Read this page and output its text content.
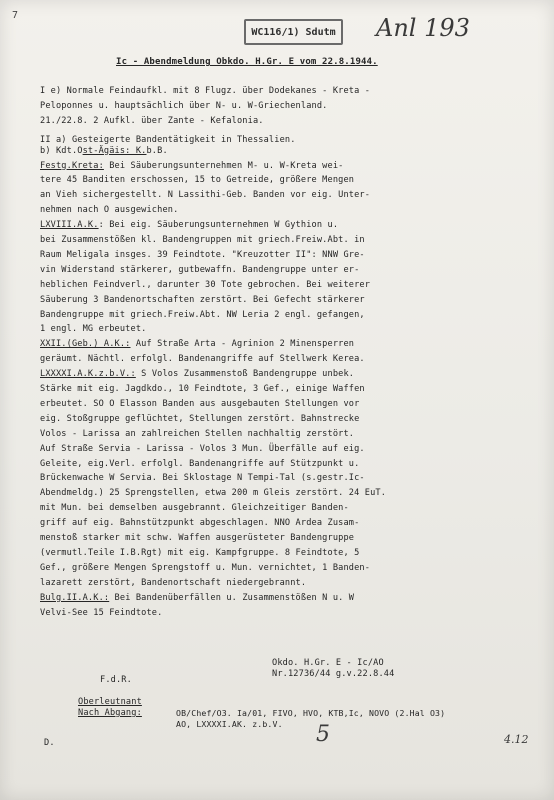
7
WC116/1) Sdutm	Anl 193
Ic - Abendmeldung Obkdo. H.Gr. E vom 22.8.1944.
I e) Normale Feindaufkl. mit 8 Flugz. über Dodekanes - Kreta -
Peloponnes u. hauptsächlich über N- u. W-Griechenland.
21./22.8. 2 Aufkl. über Zante - Kefalonia.
II a) Gesteigerte Bandentätigkeit in Thessalien.
b) Kdt.Ost-Ägäis: K.b.B.
Festg.Kreta: Bei Säuberungsunternehmen M- u. W-Kreta wei-
tere 45 Banditen erschossen, 15 to Getreide, größere Mengen
an Vieh sichergestellt. N Lassithi-Geb. Banden vor eig. Unter-
nehmen nach O ausgewichen.
LXVIII.A.K.: Bei eig. Säuberungsunternehmen W Gythion u.
bei Zusammenstößen kl. Bandengruppen mit griech.Freiw.Abt. in
Raum Meligala insges. 39 Feindtote. "Kreuzotter II": NNW Gre-
vin Widerstand stärkerer, gutbewaffn. Bandengruppe unter er-
heblichen Feindverl., darunter 30 Tote gebrochen. Bei weiterer
Säuberung 3 Bandenortschaften zerstört. Bei Gefecht stärkerer
Bandengruppe mit griech.Freiw.Abt. NW Leria 2 engl. gefangen,
1 engl. MG erbeutet.
XXII.(Geb.) A.K.: Auf Straße Arta - Agrinion 2 Minensperren
geräumt. Nächtl. erfolgl. Bandenangriffe auf Stellwerk Kerea.
LXXXXI.A.K.z.b.V.: S Volos Zusammenstoß Bandengruppe unbek.
Stärke mit eig. Jagdkdo., 10 Feindtote, 3 Gef., einige Waffen
erbeutet. SO O Elasson Banden aus ausgebauten Stellungen vor
eig. Stoßgruppe geflüchtet, Stellungen zerstört. Bahnstrecke
Volos - Larissa an zahlreichen Stellen nachhaltig zerstört.
Auf Straße Servia - Larissa - Volos 3 Mun. Überfälle auf eig.
Geleite, eig.Verl. erfolgl. Bandenangriffe auf Stützpunkt u.
Brückenwache W Servia. Bei Sklostage N Tempi-Tal (s.gestr.Ic-
Abendmeldg.) 25 Sprengstellen, etwa 200 m Gleis zerstört. 24 EuT.
mit Mun. bei demselben ausgebrannt. Gleichzeitiger Banden-
griff auf eig. Bahnstützpunkt abgeschlagen. NNO Ardea Zusam-
menstoß starker mit schw. Waffen ausgerüsteter Bandengruppe
(vermutl.Teile I.B.Rgt) mit eig. Kampfgruppe. 8 Feindtote, 5
Gef., größere Mengen Sprengstoff u. Mun. vernichtet, 1 Banden-
lazarett zerstört, Bandenortschaft niedergebrannt.
Bulg.II.A.K.: Bei Bandenüberfällen u. Zusammenstößen N u. W
Velvi-See 15 Feindtote.
Okdo. H.Gr. E - Ic/AO
Nr.12736/44 g.v.22.8.44
F.d.R.
Oberleutnant
Nach Abgang:	OB/Chef/O3. Ia/01, FIVO, HVO, KTB,Ic, NOVO (2.Hal O3)
AO, LXXXXI.AK. z.b.V.
D.	5	4.12
